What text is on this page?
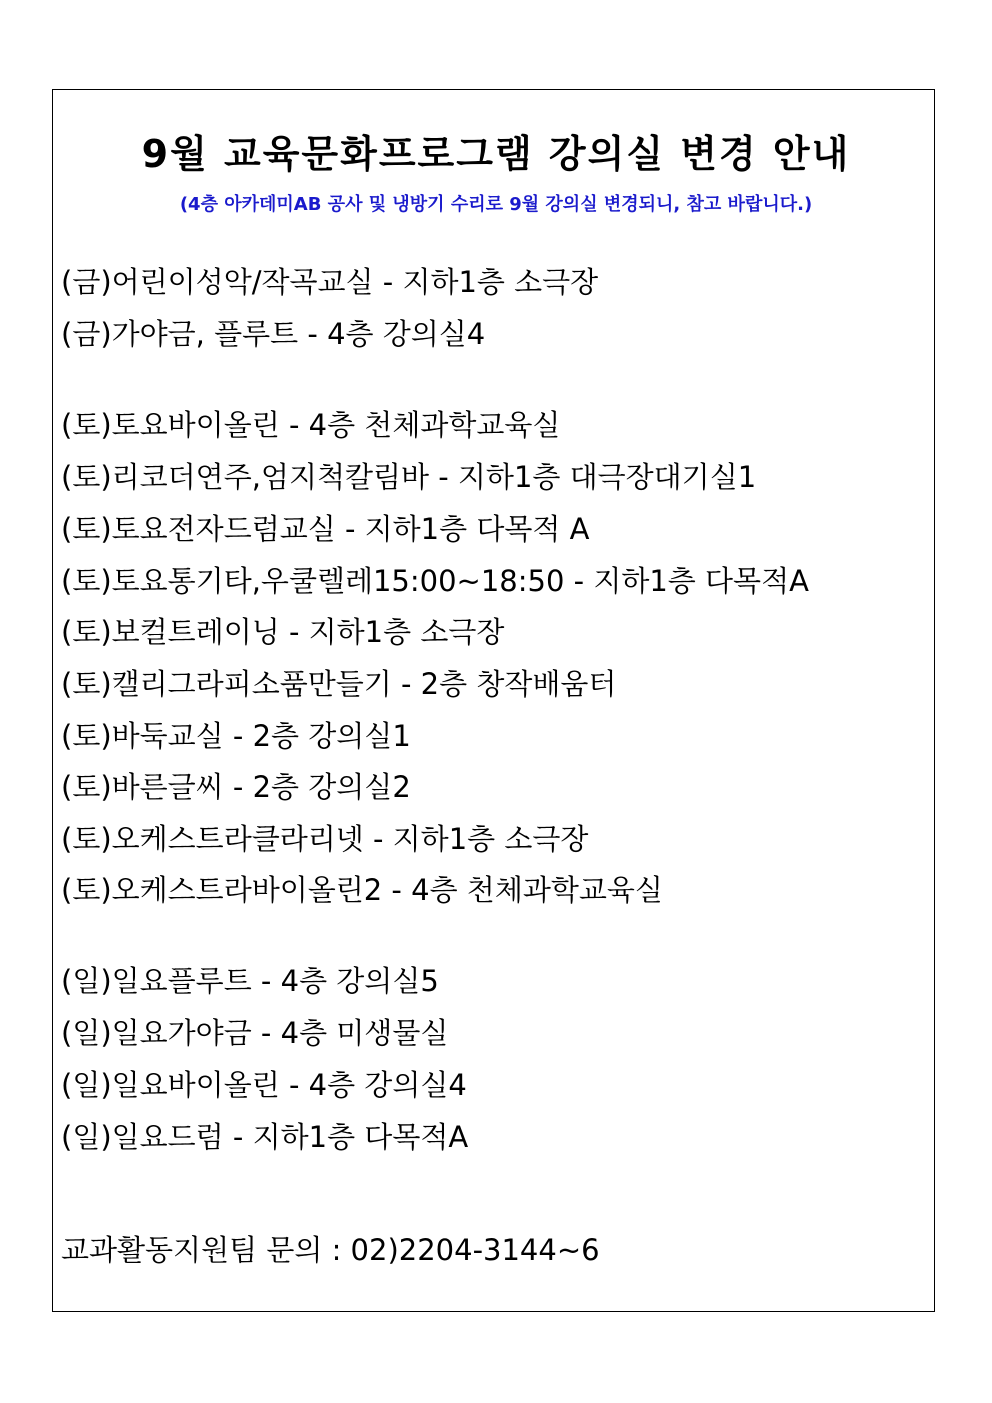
9월 교육문화프로그램 강의실 변경 안내
(4층 아카데미AB 공사 및 냉방기 수리로 9월 강의실 변경되니, 참고 바랍니다.)
(금)어린이성악/작곡교실 - 지하1층 소극장
(금)가야금, 플루트 - 4층 강의실4
(토)토요바이올린 - 4층 천체과학교육실
(토)리코더연주,엄지척칼림바 - 지하1층 대극장대기실1
(토)토요전자드럼교실 - 지하1층 다목적 A
(토)토요통기타,우쿨렐레15:00~18:50 - 지하1층 다목적A
(토)보컬트레이닝 - 지하1층 소극장
(토)캘리그라피소품만들기 - 2층 창작배움터
(토)바둑교실 - 2층 강의실1
(토)바른글씨 - 2층 강의실2
(토)오케스트라클라리넷 - 지하1층 소극장
(토)오케스트라바이올린2 - 4층 천체과학교육실
(일)일요플루트 - 4층 강의실5
(일)일요가야금 - 4층 미생물실
(일)일요바이올린 - 4층 강의실4
(일)일요드럼 - 지하1층 다목적A
교과활동지원팀 문의 : 02)2204-3144~6
